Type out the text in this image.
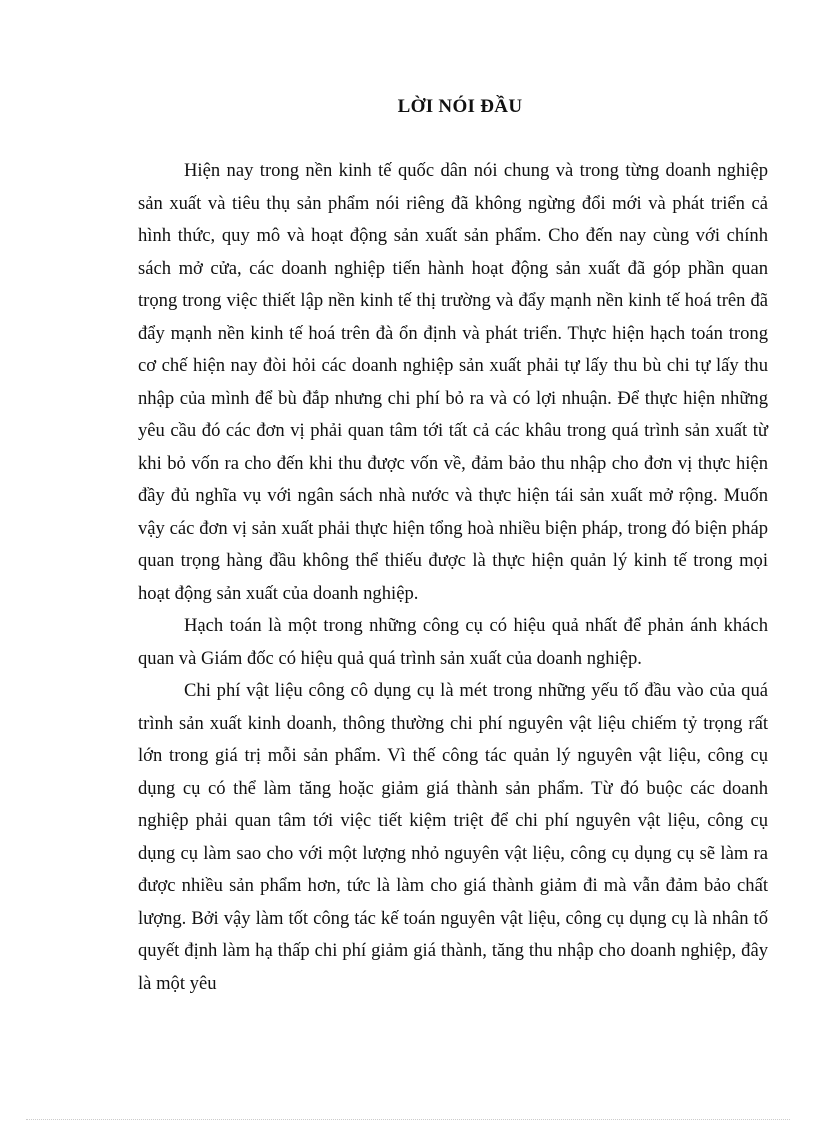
LỜI NÓI ĐẦU

Hiện nay trong nền kinh tế quốc dân nói chung và trong từng doanh nghiệp sản xuất và tiêu thụ sản phẩm nói riêng đã không ngừng đổi mới và phát triển cả hình thức, quy mô và hoạt động sản xuất sản phẩm. Cho đến nay cùng với chính sách mở cửa, các doanh nghiệp tiến hành hoạt động sản xuất đã góp phần quan trọng trong việc thiết lập nền kinh tế thị trường và đẩy mạnh nền kinh tế hoá trên đã đẩy mạnh nền kinh tế hoá trên đà ổn định và phát triển. Thực hiện hạch toán trong cơ chế hiện nay đòi hỏi các doanh nghiệp sản xuất phải tự lấy thu bù chi tự lấy thu nhập của mình để bù đắp nhưng chi phí bỏ ra và có lợi nhuận. Để thực hiện những yêu cầu đó các đơn vị phải quan tâm tới tất cả các khâu trong quá trình sản xuất từ khi bỏ vốn ra cho đến khi thu được vốn về, đảm bảo thu nhập cho đơn vị thực hiện đầy đủ nghĩa vụ với ngân sách nhà nước và thực hiện tái sản xuất mở rộng. Muốn vậy các đơn vị sản xuất phải thực hiện tổng hoà nhiều biện pháp, trong đó biện pháp quan trọng hàng đầu không thể thiếu được là thực hiện quản lý kinh tế trong mọi hoạt động sản xuất của doanh nghiệp.

Hạch toán là một trong những công cụ có hiệu quả nhất để phản ánh khách quan và Giám đốc có hiệu quả quá trình sản xuất của doanh nghiệp.

Chi phí vật liệu công cô dụng cụ là mét trong những yếu tố đầu vào của quá trình sản xuất kinh doanh, thông thường chi phí nguyên vật liệu chiếm tỷ trọng rất lớn trong giá trị mỗi sản phẩm. Vì thế công tác quản lý nguyên vật liệu, công cụ dụng cụ có thể làm tăng hoặc giảm giá thành sản phẩm. Từ đó buộc các doanh nghiệp phải quan tâm tới việc tiết kiệm triệt để chi phí nguyên vật liệu, công cụ dụng cụ làm sao cho với một lượng nhỏ nguyên vật liệu, công cụ dụng cụ sẽ làm ra được nhiều sản phẩm hơn, tức là làm cho giá thành giảm đi mà vẫn đảm bảo chất lượng. Bởi vậy làm tốt công tác kế toán nguyên vật liệu, công cụ dụng cụ là nhân tố quyết định làm hạ thấp chi phí giảm giá thành, tăng thu nhập cho doanh nghiệp, đây là một yêu
